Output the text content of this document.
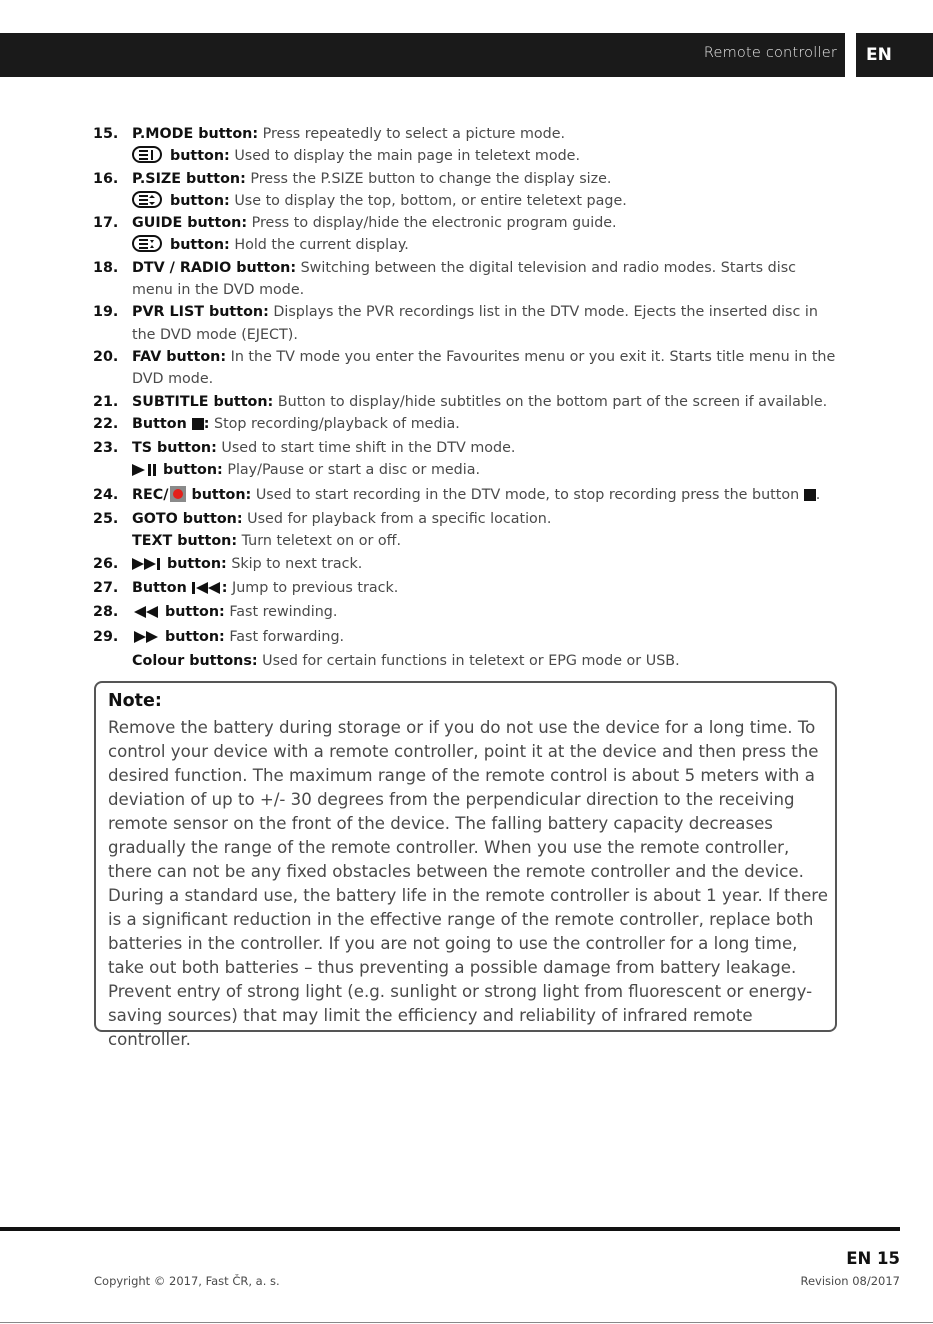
Remote controller	EN
15. P.MODE button: Press repeatedly to select a picture mode.
button: Used to display the main page in teletext mode.
16. P.SIZE button: Press the P.SIZE button to change the display size.
button: Use to display the top, bottom, or entire teletext page.
17. GUIDE button: Press to display/hide the electronic program guide.
button: Hold the current display.
18. DTV / RADIO button: Switching between the digital television and radio modes. Starts disc menu in the DVD mode.
19. PVR LIST button: Displays the PVR recordings list in the DTV mode. Ejects the inserted disc in the DVD mode (EJECT).
20. FAV button: In the TV mode you enter the Favourites menu or you exit it. Starts title menu in the DVD mode.
21. SUBTITLE button: Button to display/hide subtitles on the bottom part of the screen if available.
22. Button : Stop recording/playback of media.
23. TS button: Used to start time shift in the DTV mode.
button: Play/Pause or start a disc or media.
24. REC/
button: Used to start recording in the DTV mode, to stop recording press the button .
25. GOTO button: Used for playback from a specific location.
TEXT button: Turn teletext on or off.
26.	button: Skip to next track.
27. Button : Jump to previous track.
28.	button: Fast rewinding.
29.	button: Fast forwarding.
Colour buttons: Used for certain functions in teletext or EPG mode or USB.
Note:

Remove the battery during storage or if you do not use the device for a long time. To control your device with a remote controller, point it at the device and then press the desired function. The maximum range of the remote control is about 5 meters with a deviation of up to +/- 30 degrees from the perpendicular direction to the receiving remote sensor on the front of the device. The falling battery capacity decreases gradually the range of the remote controller. When you use the remote controller, there can not be any fixed obstacles between the remote controller and the device. During a standard use, the battery life in the remote controller is about 1 year. If there is a significant reduction in the effective range of the remote controller, replace both batteries in the controller. If you are not going to use the controller for a long time, take out both batteries – thus preventing a possible damage from battery leakage.

Prevent entry of strong light (e.g. sunlight or strong light from fluorescent or energy-saving sources) that may limit the efficiency and reliability of infrared remote controller.

EN 15
Copyright © 2017, Fast ČR, a. s.	Revision 08/2017
